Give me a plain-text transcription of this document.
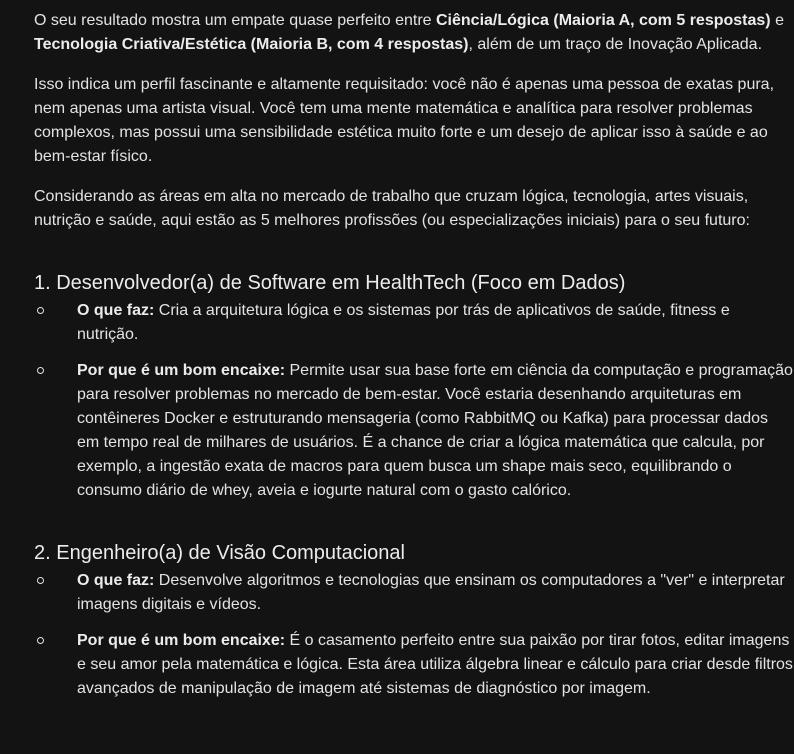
O seu resultado mostra um empate quase perfeito entre Ciência/Lógica (Maioria A, com 5 respostas) e Tecnologia Criativa/Estética (Maioria B, com 4 respostas), além de um traço de Inovação Aplicada.

Isso indica um perfil fascinante e altamente requisitado: você não é apenas uma pessoa de exatas pura, nem apenas uma artista visual. Você tem uma mente matemática e analítica para resolver problemas complexos, mas possui uma sensibilidade estética muito forte e um desejo de aplicar isso à saúde e ao bem-estar físico.

Considerando as áreas em alta no mercado de trabalho que cruzam lógica, tecnologia, artes visuais, nutrição e saúde, aqui estão as 5 melhores profissões (ou especializações iniciais) para o seu futuro:

1. Desenvolvedor(a) de Software em HealthTech (Foco em Dados)
O que faz: Cria a arquitetura lógica e os sistemas por trás de aplicativos de saúde, fitness e nutrição.
Por que é um bom encaixe: Permite usar sua base forte em ciência da computação e programação para resolver problemas no mercado de bem-estar. Você estaria desenhando arquiteturas em contêineres Docker e estruturando mensageria (como RabbitMQ ou Kafka) para processar dados em tempo real de milhares de usuários. É a chance de criar a lógica matemática que calcula, por exemplo, a ingestão exata de macros para quem busca um shape mais seco, equilibrando o consumo diário de whey, aveia e iogurte natural com o gasto calórico.
2. Engenheiro(a) de Visão Computacional
O que faz: Desenvolve algoritmos e tecnologias que ensinam os computadores a "ver" e interpretar imagens digitais e vídeos.
Por que é um bom encaixe: É o casamento perfeito entre sua paixão por tirar fotos, editar imagens e seu amor pela matemática e lógica. Esta área utiliza álgebra linear e cálculo para criar desde filtros avançados de manipulação de imagem até sistemas de diagnóstico por imagem.
